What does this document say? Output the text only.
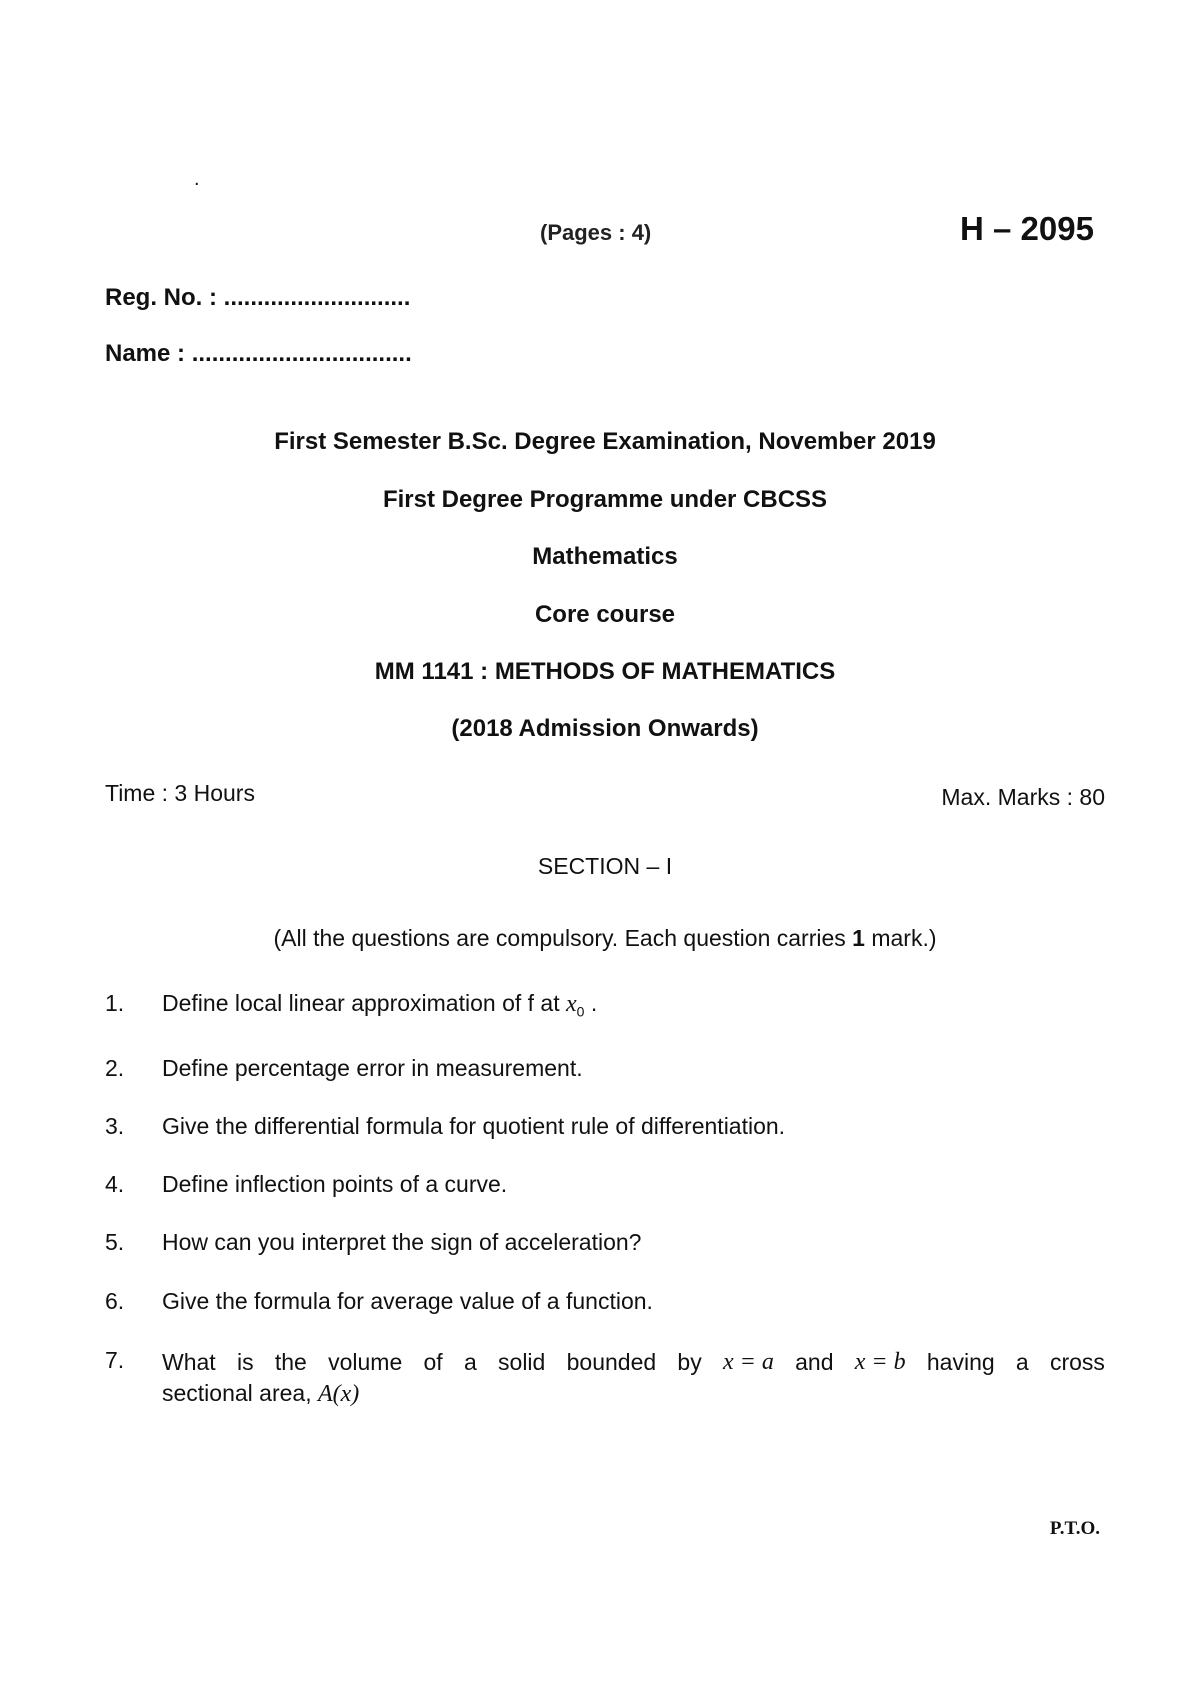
.
(Pages : 4)	H – 2095
Reg. No. : ............................
Name : .................................
First Semester B.Sc. Degree Examination, November 2019
First Degree Programme under CBCSS
Mathematics
Core course
MM 1141 : METHODS OF MATHEMATICS
(2018 Admission Onwards)
Time : 3 Hours	Max. Marks : 80
SECTION – I
(All the questions are compulsory. Each question carries 1 mark.)
1.	Define local linear approximation of f at $x_0$ .
2.	Define percentage error in measurement.
3.	Give the differential formula for quotient rule of differentiation.
4.	Define inflection points of a curve.
5.	How can you interpret the sign of acceleration?
6.	Give the formula for average value of a function.
7.	What is the volume of a solid bounded by x = a and x = b having a cross
sectional area, A(x)
P.T.O.
